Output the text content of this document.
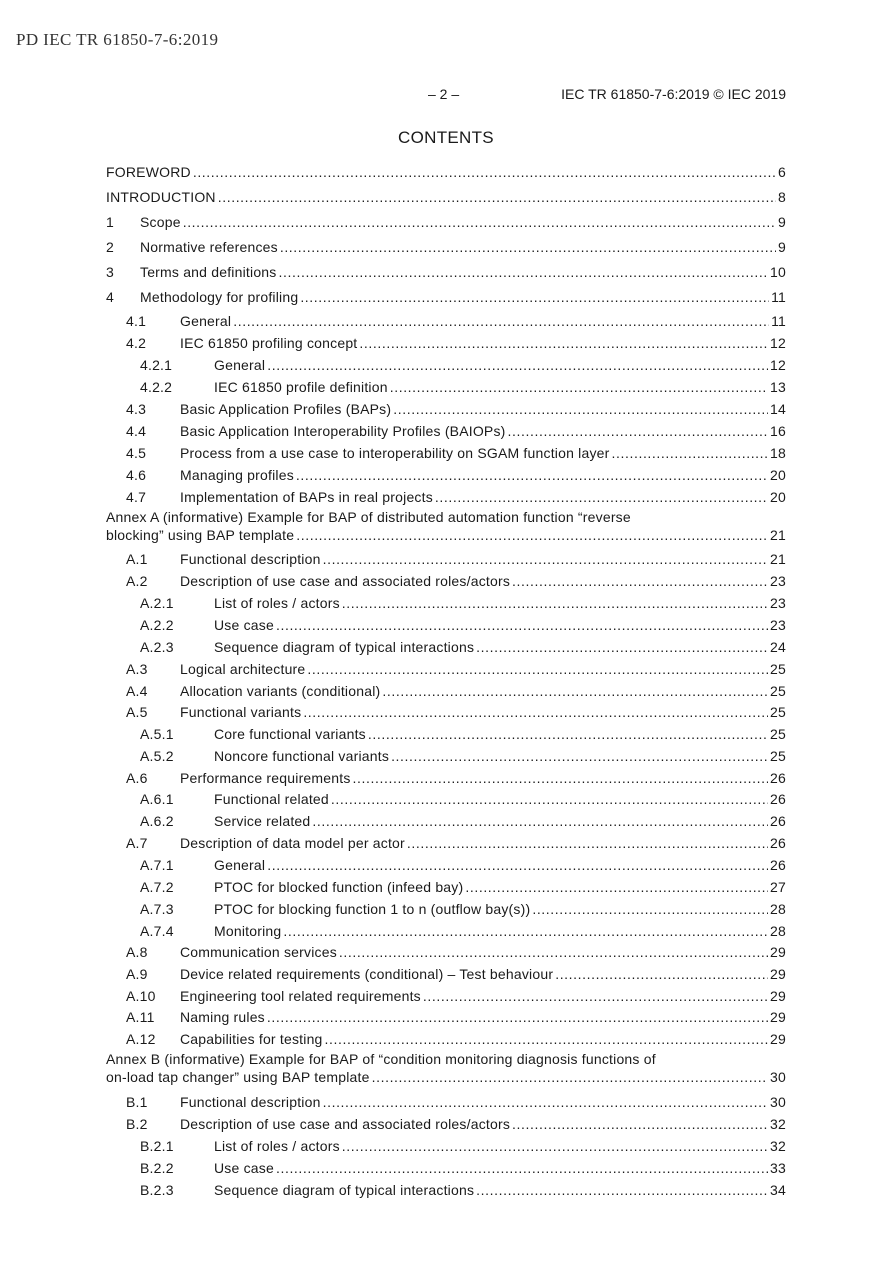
PD IEC TR 61850-7-6:2019
– 2 –	IEC TR 61850-7-6:2019 © IEC 2019
CONTENTS
FOREWORD .....	6
INTRODUCTION .....	8
1	Scope .....	9
2	Normative references .....	9
3	Terms and definitions .....	10
4	Methodology for profiling .....	11
4.1	General .....	11
4.2	IEC 61850 profiling concept .....	12
4.2.1	General .....	12
4.2.2	IEC 61850 profile definition .....	13
4.3	Basic Application Profiles (BAPs) .....	14
4.4	Basic Application Interoperability Profiles (BAIOPs) .....	16
4.5	Process from a use case to interoperability on SGAM function layer .....	18
4.6	Managing profiles .....	20
4.7	Implementation of BAPs in real projects .....	20
Annex A (informative) Example for BAP of distributed automation function “reverse
blocking” using BAP template .....	21
A.1	Functional description .....	21
A.2	Description of use case and associated roles/actors .....	23
A.2.1	List of roles / actors .....	23
A.2.2	Use case .....	23
A.2.3	Sequence diagram of typical interactions .....	24
A.3	Logical architecture .....	25
A.4	Allocation variants (conditional) .....	25
A.5	Functional variants .....	25
A.5.1	Core functional variants .....	25
A.5.2	Noncore functional variants .....	25
A.6	Performance requirements .....	26
A.6.1	Functional related .....	26
A.6.2	Service related .....	26
A.7	Description of data model per actor .....	26
A.7.1	General .....	26
A.7.2	PTOC for blocked function (infeed bay) .....	27
A.7.3	PTOC for blocking function 1 to n (outflow bay(s)) .....	28
A.7.4	Monitoring .....	28
A.8	Communication services .....	29
A.9	Device related requirements (conditional) – Test behaviour .....	29
A.10	Engineering tool related requirements .....	29
A.11	Naming rules .....	29
A.12	Capabilities for testing .....	29
Annex B (informative) Example for BAP of “condition monitoring diagnosis functions of
on-load tap changer” using BAP template .....	30
B.1	Functional description .....	30
B.2	Description of use case and associated roles/actors .....	32
B.2.1	List of roles / actors .....	32
B.2.2	Use case .....	33
B.2.3	Sequence diagram of typical interactions .....	34
